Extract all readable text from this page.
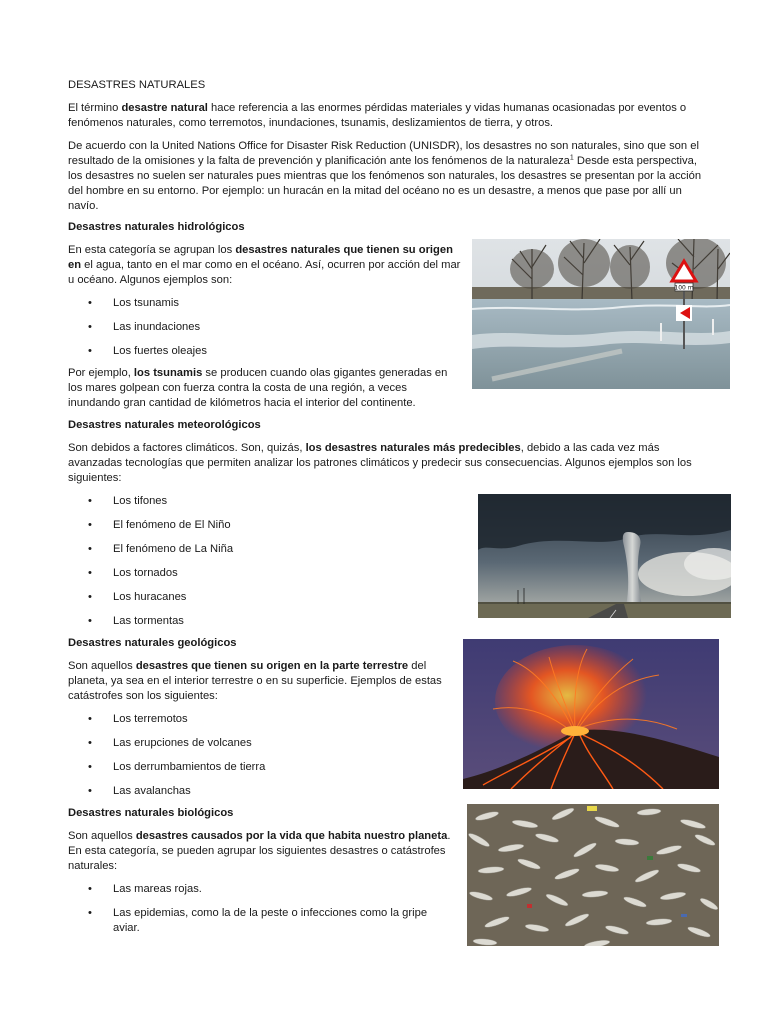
DESASTRES NATURALES

El término desastre natural hace referencia a las enormes pérdidas materiales y vidas humanas ocasionadas por eventos o fenómenos naturales, como terremotos, inundaciones, tsunamis, deslizamientos de tierra, y otros.

De acuerdo con la United Nations Office for Disaster Risk Reduction (UNISDR), los desastres no son naturales, sino que son el resultado de la omisiones y la falta de prevención y planificación ante los fenómenos de la naturaleza$^1$ Desde esta perspectiva, los desastres no suelen ser naturales pues mientras que los fenómenos son naturales, los desastres se presentan por la acción del hombre en su entorno. Por ejemplo: un huracán en la mitad del océano no es un desastre, a menos que pase por allí un navío.

Desastres naturales hidrológicos

En esta categoría se agrupan los desastres naturales que tienen su origen en el agua, tanto en el mar como en el océano. Así, ocurren por acción del mar u océano. Algunos ejemplos son:

• Los tsunamis
• Las inundaciones
• Los fuertes oleajes

Por ejemplo, los tsunamis se producen cuando olas gigantes generadas en los mares golpean con fuerza contra la costa de una región, a veces inundando gran cantidad de kilómetros hacia el interior del continente.

100 m

Desastres naturales meteorológicos

Son debidos a factores climáticos. Son, quizás, los desastres naturales más predecibles, debido a las cada vez más avanzadas tecnologías que permiten analizar los patrones climáticos y predecir sus consecuencias. Algunos ejemplos son los siguientes:

• Los tifones
• El fenómeno de El Niño
• El fenómeno de La Niña
• Los tornados
• Los huracanes
• Las tormentas

Desastres naturales geológicos

Son aquellos desastres que tienen su origen en la parte terrestre del planeta, ya sea en el interior terrestre o en su superficie. Ejemplos de estas catástrofes son los siguientes:

• Los terremotos
• Las erupciones de volcanes
• Los derrumbamientos de tierra
• Las avalanchas

Desastres naturales biológicos

Son aquellos desastres causados por la vida que habita nuestro planeta. En esta categoría, se pueden agrupar los siguientes desastres o catástrofes naturales:

• Las mareas rojas.
• Las epidemias, como la de la peste o infecciones como la gripe aviar.
